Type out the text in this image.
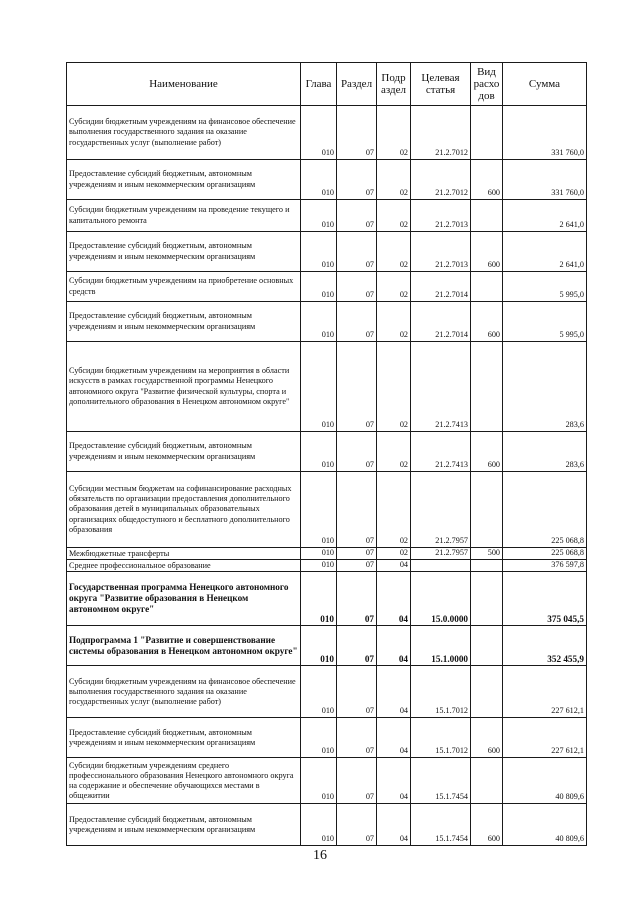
Наименование	Глава	Раздел	Подр аздел	Целевая статья	Вид расхо дов	Сумма
Субсидии бюджетным учреждениям на финансовое обеспечение выполнения государственного задания на оказание государственных услуг (выполнение работ)	010	07	02	21.2.7012		331 760,0
Предоставление субсидий бюджетным, автономным учреждениям и иным некоммерческим организациям	010	07	02	21.2.7012	600	331 760,0
Субсидии бюджетным учреждениям на проведение текущего и капитального ремонта	010	07	02	21.2.7013		2 641,0
Предоставление субсидий бюджетным, автономным учреждениям и иным некоммерческим организациям	010	07	02	21.2.7013	600	2 641,0
Субсидии бюджетным учреждениям на приобретение основных средств	010	07	02	21.2.7014		5 995,0
Предоставление субсидий бюджетным, автономным учреждениям и иным некоммерческим организациям	010	07	02	21.2.7014	600	5 995,0
Субсидии бюджетным учреждениям на мероприятия в области искусств в рамках государственной программы Ненецкого автономного округа "Развитие физической культуры, спорта и дополнительного образования в Ненецком автономном округе"	010	07	02	21.2.7413		283,6
Предоставление субсидий бюджетным, автономным учреждениям и иным некоммерческим организациям	010	07	02	21.2.7413	600	283,6
Субсидии местным бюджетам на софинансирование расходных обязательств по организации предоставления дополнительного образования детей в муниципальных образовательных организациях общедоступного и бесплатного дополнительного образования	010	07	02	21.2.7957		225 068,8
Межбюджетные трансферты	010	07	02	21.2.7957	500	225 068,8
Среднее профессиональное образование	010	07	04			376 597,8
Государственная программа Ненецкого автономного округа "Развитие образования в Ненецком автономном округе"	010	07	04	15.0.0000		375 045,5
Подпрограмма 1 "Развитие и совершенствование системы образования в Ненецком автономном округе"	010	07	04	15.1.0000		352 455,9
Субсидии бюджетным учреждениям на финансовое обеспечение выполнения государственного задания на оказание государственных услуг (выполнение работ)	010	07	04	15.1.7012		227 612,1
Предоставление субсидий бюджетным, автономным учреждениям и иным некоммерческим организациям	010	07	04	15.1.7012	600	227 612,1
Субсидии бюджетным учреждениям среднего профессионального образования Ненецкого автономного округа на содержание и обеспечение обучающихся местами в общежитии	010	07	04	15.1.7454		40 809,6
Предоставление субсидий бюджетным, автономным учреждениям и иным некоммерческим организациям	010	07	04	15.1.7454	600	40 809,6
16
